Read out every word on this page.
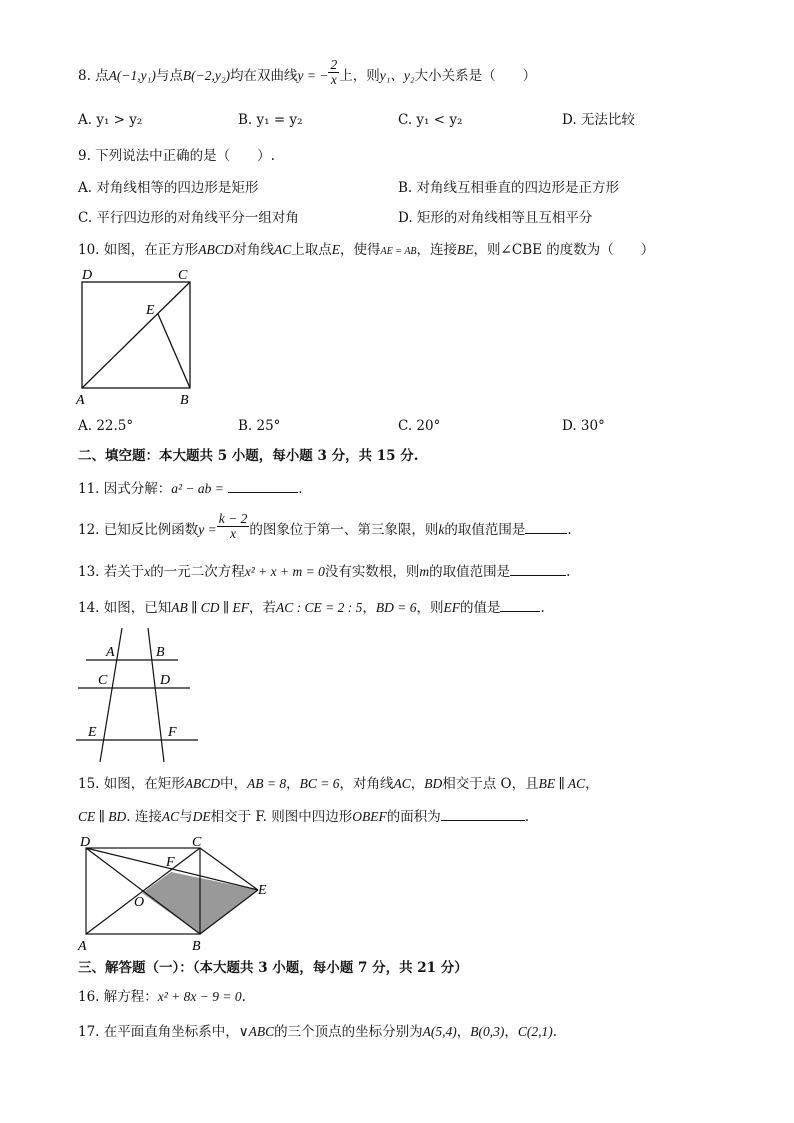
8. 点A(−1,y₁)与点B(−2,y₂)均在双曲线y = − $\frac{2}{x}$ 上，则y₁、y₂大小关系是（　　）
A. y₁ > y₂	B. y₁ = y₂	C. y₁ < y₂	D. 无法比较
9. 下列说法中正确的是（　　）.
A. 对角线相等的四边形是矩形	B. 对角线互相垂直的四边形是正方形
C. 平行四边形的对角线平分一组对角	D. 矩形的对角线相等且互相平分
10. 如图，在正方形ABCD对角线AC上取点E，使得AE = AB，连接BE，则∠CBE 的度数为（　　）
D	C
E
A	B
A. 22.5°	B. 25°	C. 20°	D. 30°
二、填空题：本大题共 5 小题，每小题 3 分，共 15 分.
11. 因式分解：a² − ab =	.
12. 已知反比例函数$y = \frac{k - 2}{x}$ 的图象位于第一、第三象限，则k的取值范围是	.
13. 若关于x的一元二次方程x² + x + m = 0没有实数根，则m的取值范围是	.
14. 如图，已知AB ∥ CD ∥ EF，若AC : CE = 2 : 5，BD = 6，则EF的值是	.
A	B
C	D
E	F
15. 如图，在矩形ABCD中，AB = 8，BC = 6，对角线AC，BD相交于点 O，且BE ∥ AC，
CE ∥ BD. 连接AC与DE相交于 F. 则图中四边形OBEF的面积为	.
D	C
F
E
O
A	B
三、解答题（一）：（本大题共 3 小题，每小题 7 分，共 21 分）
16. 解方程：x² + 8x − 9 = 0.
17. 在平面直角坐标系中，∨ABC的三个顶点的坐标分别为A(5,4)，B(0,3)，C(2,1).
